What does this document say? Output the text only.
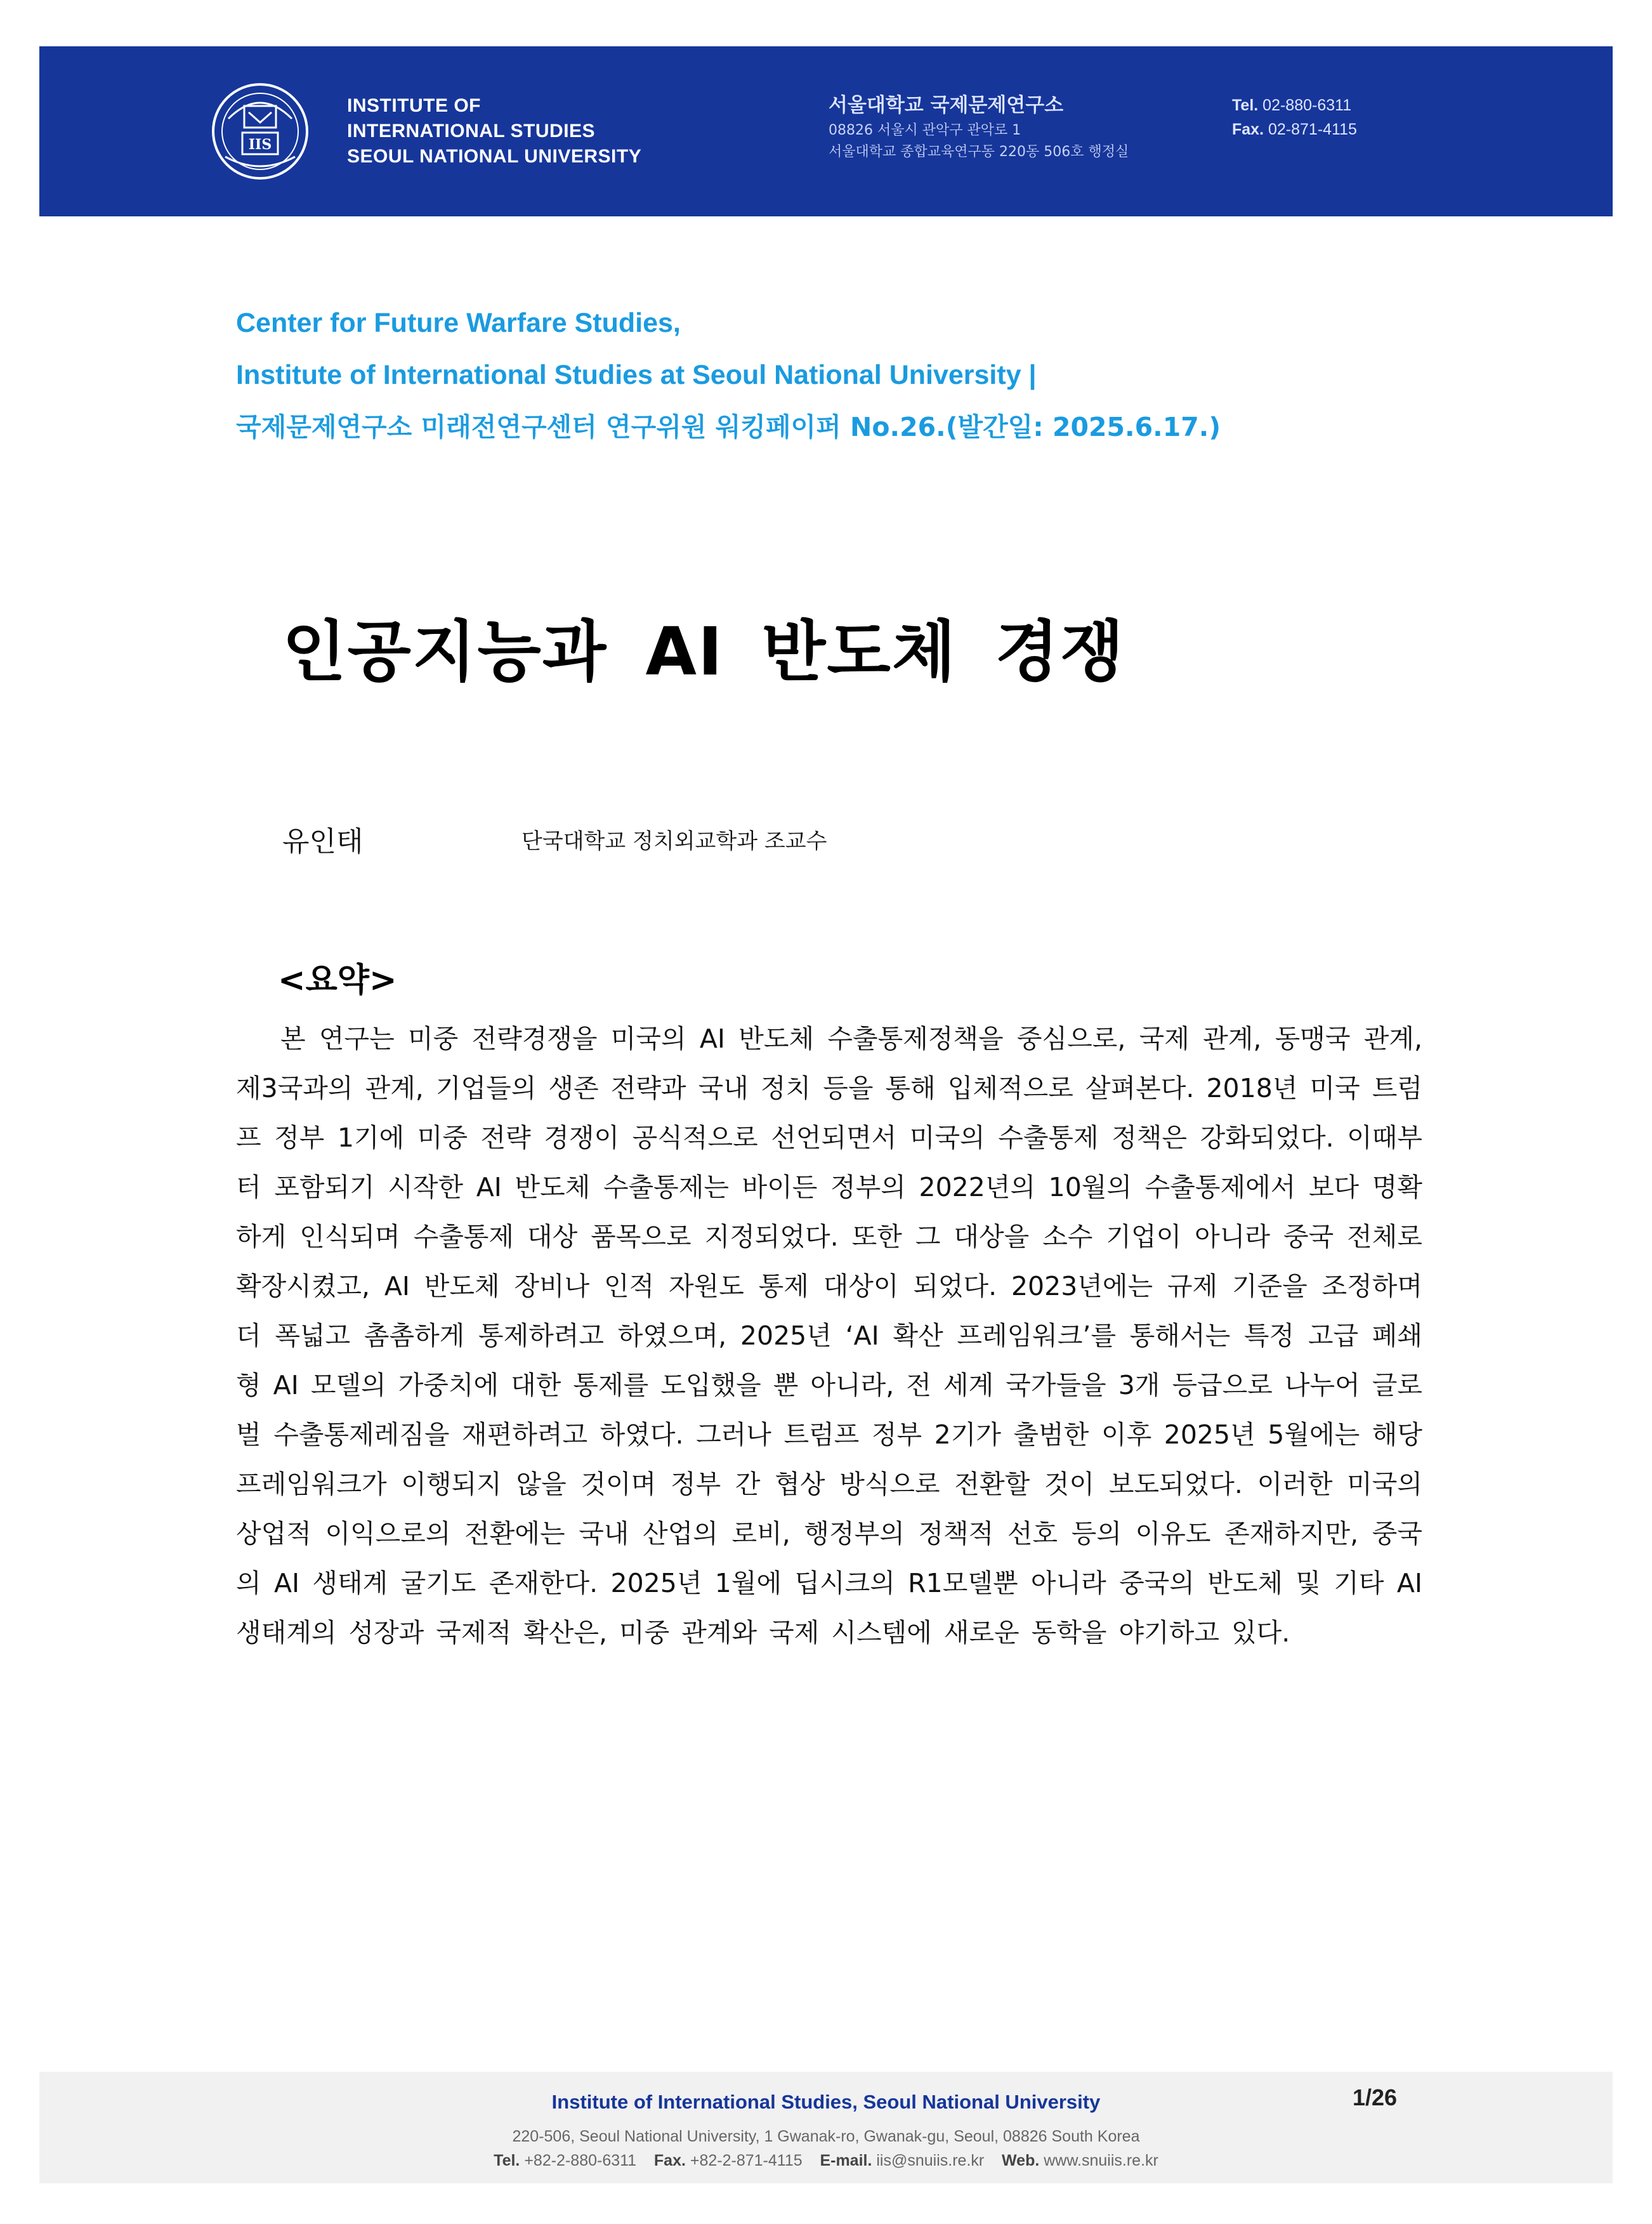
IIS
INSTITUTE OF
INTERNATIONAL STUDIES
SEOUL NATIONAL UNIVERSITY
서울대학교 국제문제연구소
08826 서울시 관악구 관악로 1
서울대학교 종합교육연구동 220동 506호 행정실
Tel. 02-880-6311
Fax. 02-871-4115
Center for Future Warfare Studies,
Institute of International Studies at Seoul National University |
국제문제연구소 미래전연구센터 연구위원 워킹페이퍼 No.26.(발간일: 2025.6.17.)
인공지능과 AI 반도체 경쟁
유인태	단국대학교 정치외교학과 조교수
<요약>

본 연구는 미중 전략경쟁을 미국의 AI 반도체 수출통제정책을 중심으로, 국제 관계, 동맹국 관계, 제3국과의 관계, 기업들의 생존 전략과 국내 정치 등을 통해 입체적으로 살펴본다. 2018년 미국 트럼프 정부 1기에 미중 전략 경쟁이 공식적으로 선언되면서 미국의 수출통제 정책은 강화되었다. 이때부터 포함되기 시작한 AI 반도체 수출통제는 바이든 정부의 2022년의 10월의 수출통제에서 보다 명확하게 인식되며 수출통제 대상 품목으로 지정되었다. 또한 그 대상을 소수 기업이 아니라 중국 전체로 확장시켰고, AI 반도체 장비나 인적 자원도 통제 대상이 되었다. 2023년에는 규제 기준을 조정하며 더 폭넓고 촘촘하게 통제하려고 하였으며, 2025년 ‘AI 확산 프레임워크’를 통해서는 특정 고급 폐쇄형 AI 모델의 가중치에 대한 통제를 도입했을 뿐 아니라, 전 세계 국가들을 3개 등급으로 나누어 글로벌 수출통제레짐을 재편하려고 하였다. 그러나 트럼프 정부 2기가 출범한 이후 2025년 5월에는 해당 프레임워크가 이행되지 않을 것이며 정부 간 협상 방식으로 전환할 것이 보도되었다. 이러한 미국의 상업적 이익으로의 전환에는 국내 산업의 로비, 행정부의 정책적 선호 등의 이유도 존재하지만, 중국의 AI 생태계 굴기도 존재한다. 2025년 1월에 딥시크의 R1모델뿐 아니라 중국의 반도체 및 기타 AI 생태계의 성장과 국제적 확산은, 미중 관계와 국제 시스템에 새로운 동학을 야기하고 있다.

Institute of International Studies, Seoul National University	1/26
220-506, Seoul National University, 1 Gwanak-ro, Gwanak-gu, Seoul, 08826 South Korea
Tel. +82-2-880-6311 Fax. +82-2-871-4115 E-mail. iis@snuiis.re.kr Web. www.snuiis.re.kr
